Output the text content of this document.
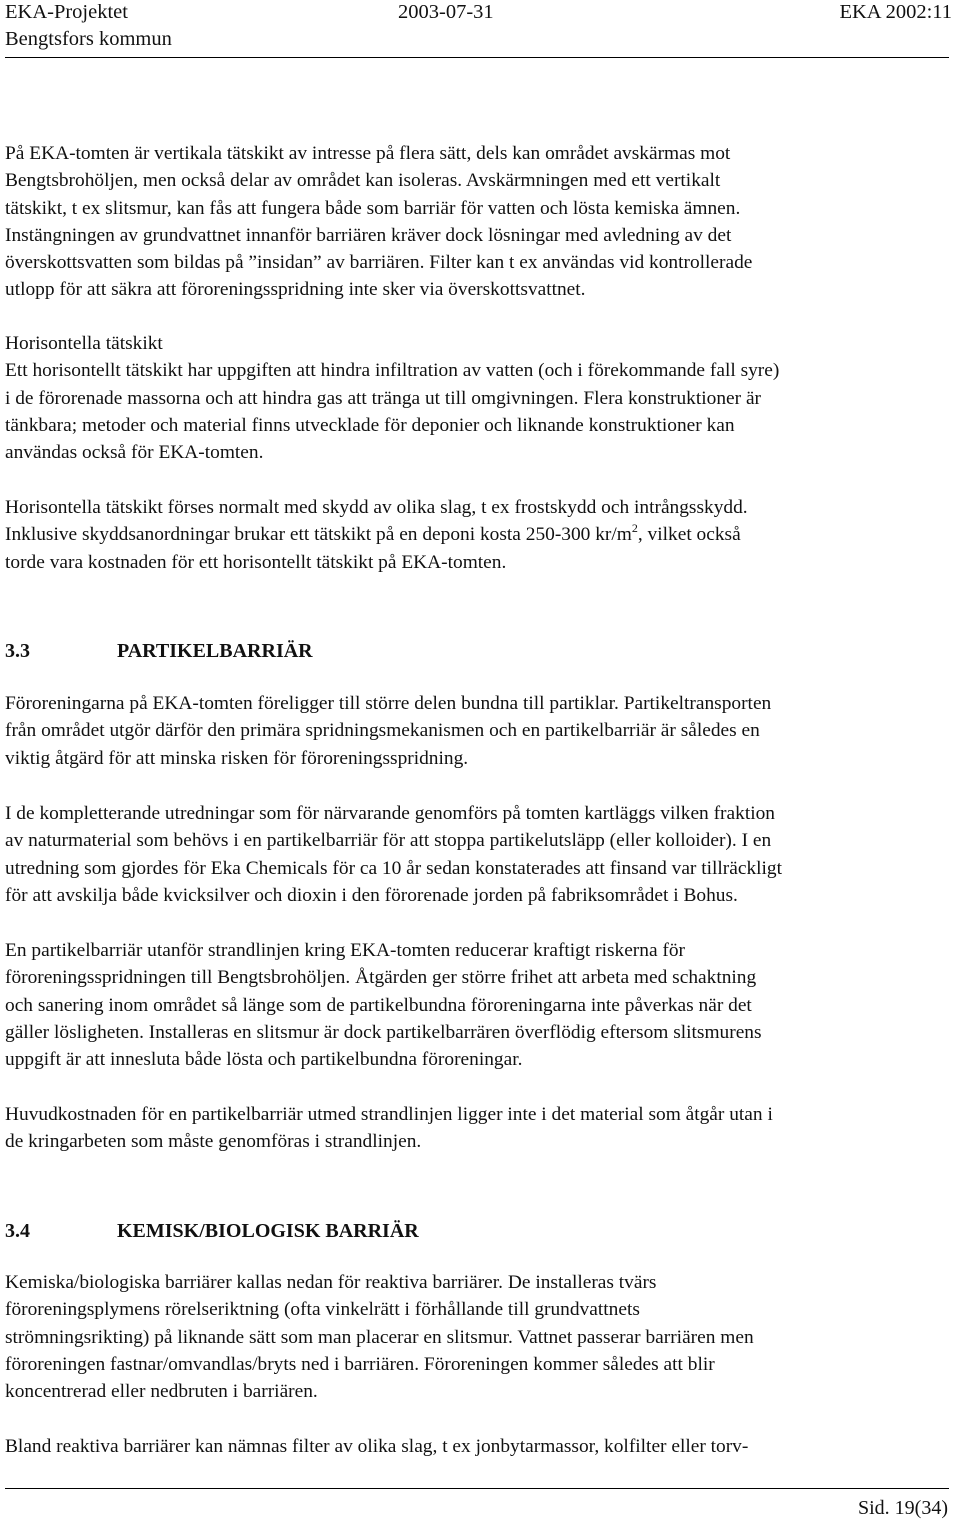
EKA-Projektet	2003-07-31	EKA 2002:11
Bengtsfors kommun
På EKA-tomten är vertikala tätskikt av intresse på flera sätt, dels kan området avskärmas mot
Bengtsbrohöljen, men också delar av området kan isoleras. Avskärmningen med ett vertikalt
tätskikt, t ex slitsmur, kan fås att fungera både som barriär för vatten och lösta kemiska ämnen.
Instängningen av grundvattnet innanför barriären kräver dock lösningar med avledning av det
överskottsvatten som bildas på ”insidan” av barriären. Filter kan t ex användas vid kontrollerade
utlopp för att säkra att föroreningsspridning inte sker via överskottsvattnet.
Horisontella tätskikt
Ett horisontellt tätskikt har uppgiften att hindra infiltration av vatten (och i förekommande fall syre)
i de förorenade massorna och att hindra gas att tränga ut till omgivningen. Flera konstruktioner är
tänkbara; metoder och material finns utvecklade för deponier och liknande konstruktioner kan
användas också för EKA-tomten.
Horisontella tätskikt förses normalt med skydd av olika slag, t ex frostskydd och intrångsskydd.
Inklusive skyddsanordningar brukar ett tätskikt på en deponi kosta 250-300 $kr/m^2$, vilket också
torde vara kostnaden för ett horisontellt tätskikt på EKA-tomten.
3.3	PARTIKELBARRIÄR
Föroreningarna på EKA-tomten föreligger till större delen bundna till partiklar. Partikeltransporten
från området utgör därför den primära spridningsmekanismen och en partikelbarriär är således en
viktig åtgärd för att minska risken för föroreningsspridning.
I de kompletterande utredningar som för närvarande genomförs på tomten kartläggs vilken fraktion
av naturmaterial som behövs i en partikelbarriär för att stoppa partikelutsläpp (eller kolloider). I en
utredning som gjordes för Eka Chemicals för ca 10 år sedan konstaterades att finsand var tillräckligt
för att avskilja både kvicksilver och dioxin i den förorenade jorden på fabriksområdet i Bohus.
En partikelbarriär utanför strandlinjen kring EKA-tomten reducerar kraftigt riskerna för
föroreningsspridningen till Bengtsbrohöljen. Åtgärden ger större frihet att arbeta med schaktning
och sanering inom området så länge som de partikelbundna föroreningarna inte påverkas när det
gäller lösligheten. Installeras en slitsmur är dock partikelbarrären överflödig eftersom slitsmurens
uppgift är att innesluta både lösta och partikelbundna föroreningar.
Huvudkostnaden för en partikelbarriär utmed strandlinjen ligger inte i det material som åtgår utan i
de kringarbeten som måste genomföras i strandlinjen.
3.4	KEMISK/BIOLOGISK BARRIÄR
Kemiska/biologiska barriärer kallas nedan för reaktiva barriärer. De installeras tvärs
föroreningsplymens rörelseriktning (ofta vinkelrätt i förhållande till grundvattnets
strömningsrikting) på liknande sätt som man placerar en slitsmur. Vattnet passerar barriären men
föroreningen fastnar/omvandlas/bryts ned i barriären. Föroreningen kommer således att blir
koncentrerad eller nedbruten i barriären.
Bland reaktiva barriärer kan nämnas filter av olika slag, t ex jonbytarmassor, kolfilter eller torv-
Sid. 19(34)
